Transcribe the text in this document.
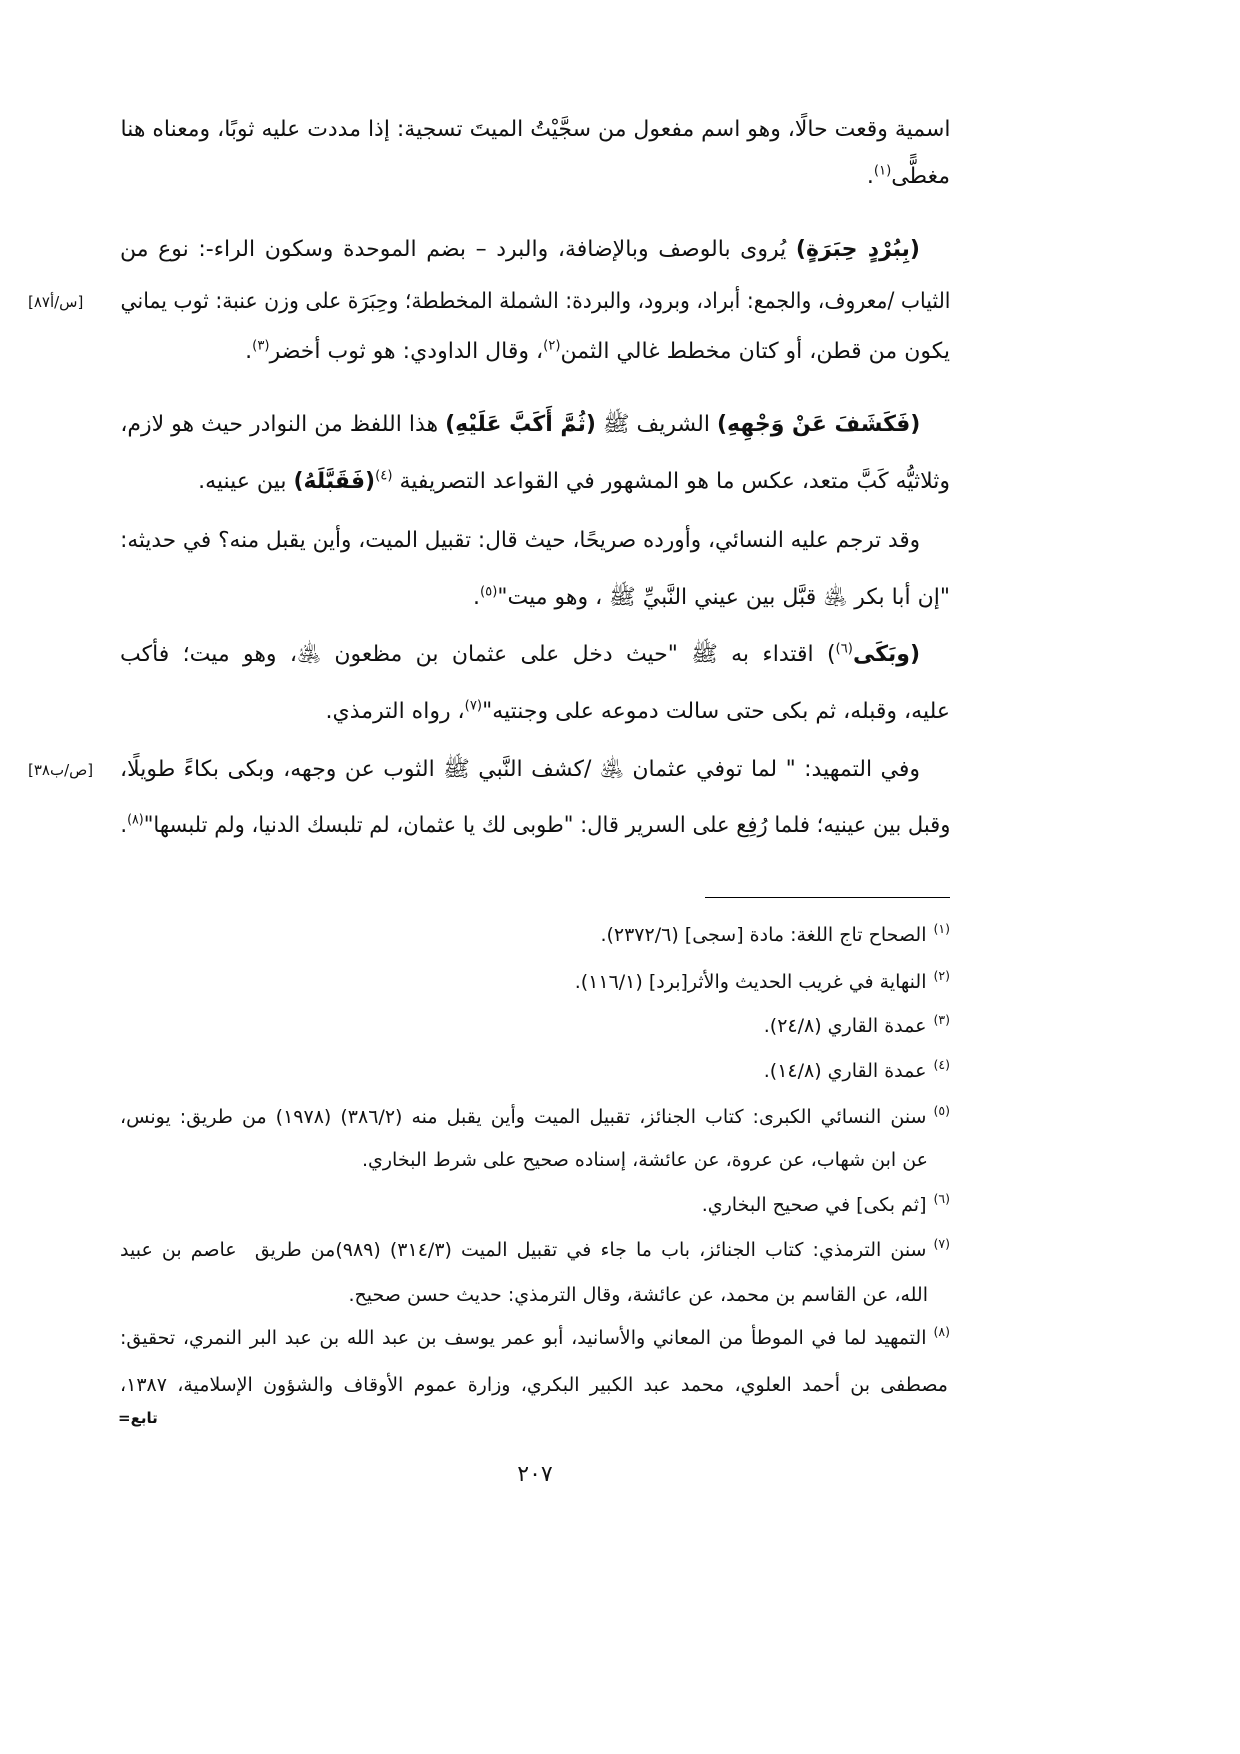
اسمية وقعت حالًا، وهو اسم مفعول من سجَّيْتُ الميتَ تسجية: إذا مددت عليه ثوبًا، ومعناه هنا
مغطًّى$^{(١)}$.
(بِبُرْدٍ حِبَرَةٍ) يُروى بالوصف وبالإضافة، والبرد – بضم الموحدة وسكون الراء-: نوع من
الثياب /معروف، والجمع: أبراد، وبرود، والبردة: الشملة المخططة؛ وحِبَرَة على وزن عنبة: ثوب يماني
يكون من قطن، أو كتان مخطط غالي الثمن$^{(٢)}$، وقال الداودي: هو ثوب أخضر$^{(٣)}$.
(فَكَشَفَ عَنْ وَجْهِهِ) الشريف ﷺ (ثُمَّ أَكَبَّ عَلَيْهِ) هذا اللفظ من النوادر حيث هو لازم،
وثلاثيُّه كَبَّ متعد، عكس ما هو المشهور في القواعد التصريفية $^{(٤)}$(فَقَبَّلَهُ) بين عينيه.
وقد ترجم عليه النسائي، وأورده صريحًا، حيث قال: تقبيل الميت، وأين يقبل منه؟ في حديثه:
"إن أبا بكر ﵁ قبَّل بين عيني النَّبيِّ ﷺ ، وهو ميت"$^{(٥)}$.
(وبَكَى$^{(٦)}$) اقتداء به ﷺ "حيث دخل على عثمان بن مظعون ﵁، وهو ميت؛ فأكب
عليه، وقبله، ثم بكى حتى سالت دموعه على وجنتيه"$^{(٧)}$، رواه الترمذي.
وفي التمهيد: " لما توفي عثمان ﵁ /كشف النَّبي ﷺ الثوب عن وجهه، وبكى بكاءً طويلًا،
وقبل بين عينيه؛ فلما رُفِع على السرير قال: "طوبى لك يا عثمان، لم تلبسك الدنيا، ولم تلبسها"$^{(٨)}$.
[٨٧أ/س]
[٣٨ب/ص]
$^{(١)}$الصحاح تاج اللغة: مادة [سجى] (٢٣٧٢/٦).
$^{(٢)}$النهاية في غريب الحديث والأثر[برد] (١١٦/١).
$^{(٣)}$عمدة القاري (٢٤/٨).
$^{(٤)}$عمدة القاري (١٤/٨).
$^{(٥)}$سنن النسائي الكبرى: كتاب الجنائز، تقبيل الميت وأين يقبل منه (٣٨٦/٢) (١٩٧٨) من طريق: يونس،
عن ابن شهاب، عن عروة، عن عائشة، إسناده صحيح على شرط البخاري.
$^{(٦)}$[ثم بكى] في صحيح البخاري.
$^{(٧)}$سنن الترمذي: كتاب الجنائز، باب ما جاء في تقبيل الميت (٣١٤/٣) (٩٨٩)من طريق  عاصم بن عبيد
الله، عن القاسم بن محمد، عن عائشة، وقال الترمذي: حديث حسن صحيح.
$^{(٨)}$التمهيد لما في الموطأ من المعاني والأسانيد، أبو عمر يوسف بن عبد الله بن عبد البر النمري، تحقيق:
مصطفى بن أحمد العلوي، محمد عبد الكبير البكري، وزارة عموم الأوقاف والشؤون الإسلامية، ١٣٨٧،
تابع=
٢٠٧
